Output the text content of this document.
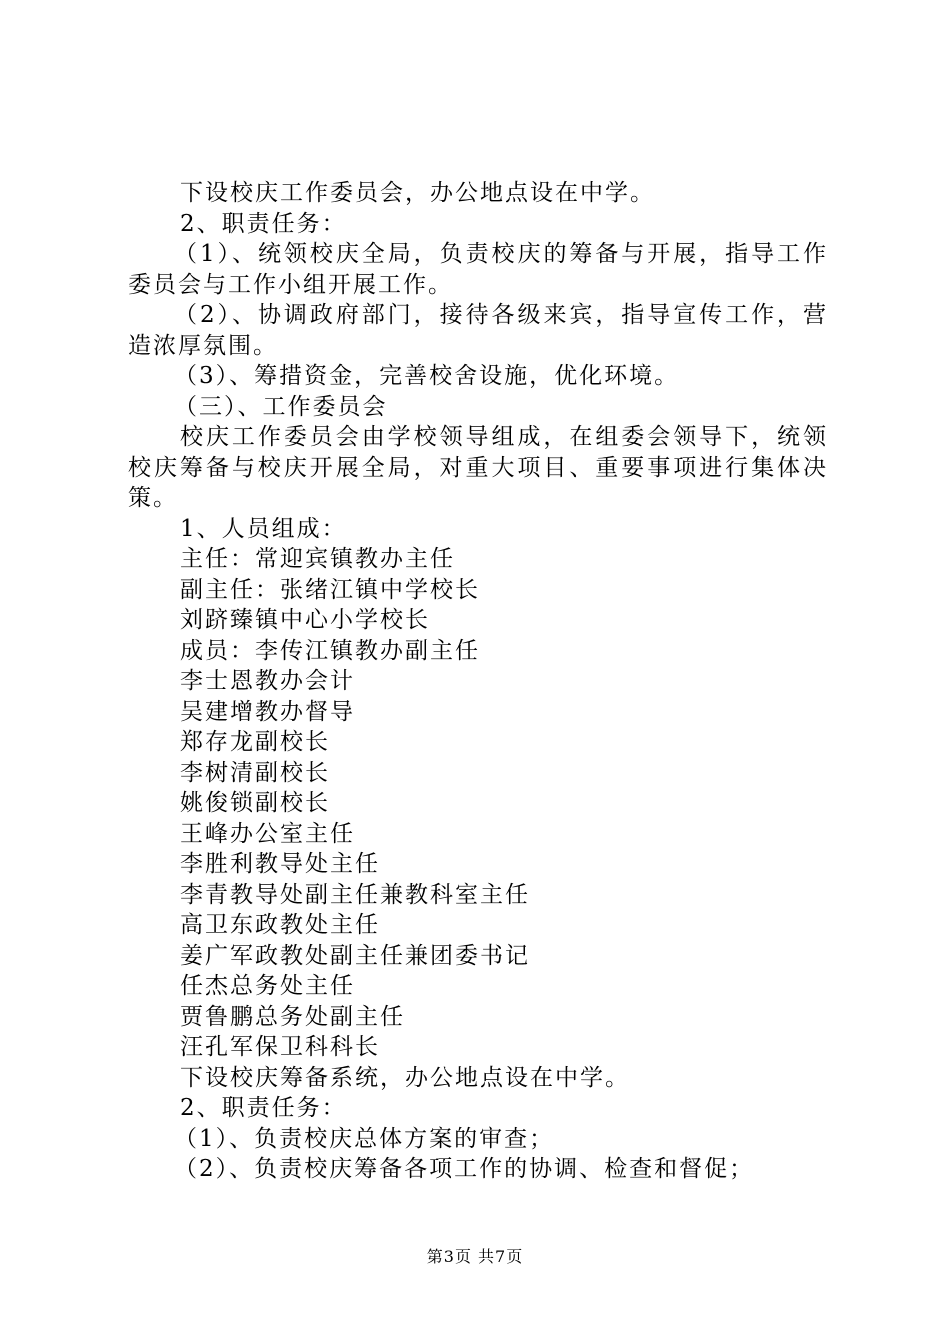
下设校庆工作委员会，办公地点设在中学。
2、职责任务：
（1）、统领校庆全局，负责校庆的筹备与开展，指导工作
委员会与工作小组开展工作。
（2）、协调政府部门，接待各级来宾，指导宣传工作，营
造浓厚氛围。
（3）、筹措资金，完善校舍设施，优化环境。
（三）、工作委员会
校庆工作委员会由学校领导组成，在组委会领导下，统领
校庆筹备与校庆开展全局，对重大项目、重要事项进行集体决
策。
1、人员组成：
主任：常迎宾镇教办主任
副主任：张绪江镇中学校长
刘跻臻镇中心小学校长
成员：李传江镇教办副主任
李士恩教办会计
吴建增教办督导
郑存龙副校长
李树清副校长
姚俊锁副校长
王峰办公室主任
李胜利教导处主任
李青教导处副主任兼教科室主任
高卫东政教处主任
姜广军政教处副主任兼团委书记
任杰总务处主任
贾鲁鹏总务处副主任
汪孔军保卫科科长
下设校庆筹备系统，办公地点设在中学。
2、职责任务：
（1）、负责校庆总体方案的审查；
（2）、负责校庆筹备各项工作的协调、检查和督促；
第3页 共7页
